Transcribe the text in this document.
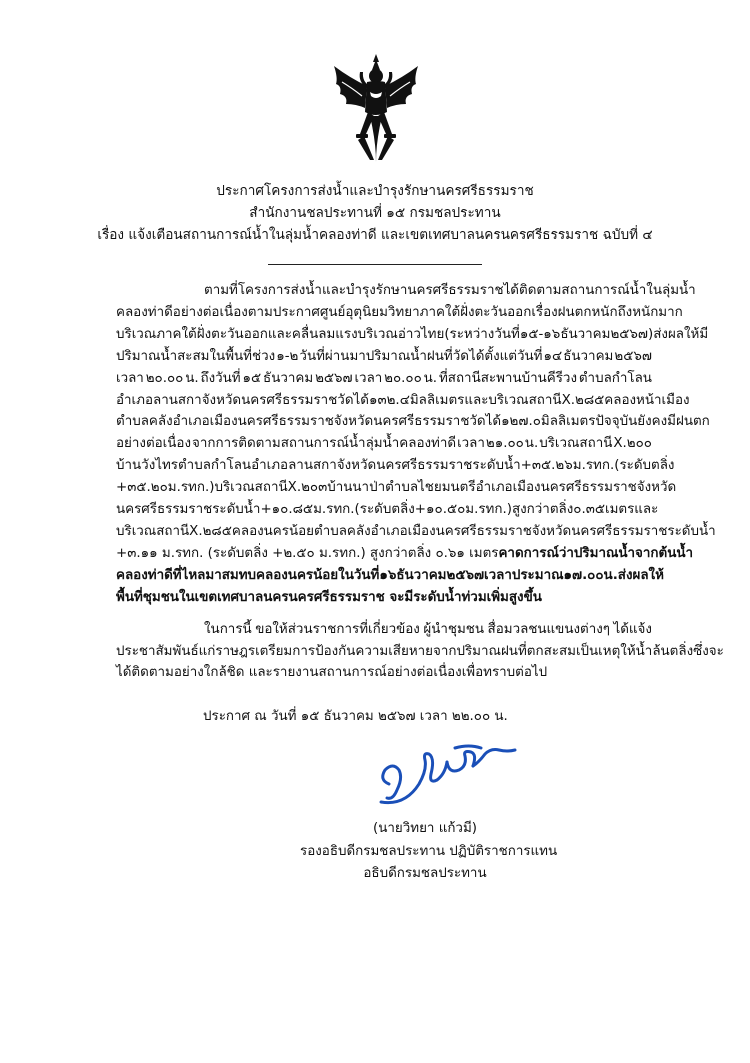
ประกาศโครงการส่งน้ำและบำรุงรักษานครศรีธรรมราช
สำนักงานชลประทานที่ ๑๕ กรมชลประทาน
เรื่อง แจ้งเตือนสถานการณ์น้ำในลุ่มน้ำคลองท่าดี และเขตเทศบาลนครนครศรีธรรมราช ฉบับที่ ๔
ตามที่โครงการส่งน้ำและบำรุงรักษานครศรีธรรมราช ได้ติดตามสถานการณ์น้ำในลุ่มน้ำ
คลองท่าดีอย่างต่อเนื่อง ตามประกาศศูนย์อุตุนิยมวิทยาภาคใต้ฝั่งตะวันออก เรื่อง ฝนตกหนักถึงหนักมาก
บริเวณภาคใต้ฝั่งตะวันออกและคลื่นลมแรงบริเวณอ่าวไทย (ระหว่างวันที่ ๑๕-๑๖ ธันวาคม ๒๕๖๗) ส่งผลให้มี
ปริมาณน้ำสะสมในพื้นที่ช่วง ๑-๒ วันที่ผ่านมาปริมาณน้ำฝนที่วัดได้ตั้งแต่วันที่ ๑๔ ธันวาคม ๒๕๖๗
เวลา ๒๐.๐๐ น. ถึงวันที่ ๑๕ ธันวาคม ๒๕๖๗ เวลา ๒๐.๐๐ น. ที่สถานีสะพานบ้านคีรีวง ตำบลกำโลน
อำเภอลานสกา จังหวัดนครศรีธรรมราช วัดได้ ๑๓๒.๔ มิลลิเมตร และบริเวณสถานี X.๒๘๕ คลองหน้าเมือง
ตำบลคลัง อำเภอเมืองนครศรีธรรมราช จังหวัดนครศรีธรรมราช วัดได้ ๑๒๗.๐ มิลลิเมตร ปัจจุบันยังคงมีฝนตก
อย่างต่อเนื่อง จากการติดตามสถานการณ์น้ำลุ่มน้ำคลองท่าดี เวลา ๒๑.๐๐ น. บริเวณสถานี X.๒๐๐
บ้านวังไทร ตำบลกำโลน อำเภอลานสกา จังหวัดนครศรีธรรมราช ระดับน้ำ +๓๕.๒๖ ม.รทก. (ระดับตลิ่ง
+๓๕.๒๐ ม.รทก.) บริเวณสถานี X.๒๐๓ บ้านนาป่า ตำบลไชยมนตรี อำเภอเมืองนครศรีธรรมราช จังหวัด
นครศรีธรรมราช ระดับน้ำ +๑๐.๘๕ ม.รทก. (ระดับตลิ่ง +๑๐.๕๐ ม.รทก.) สูงกว่าตลิ่ง ๐.๓๕ เมตร และ
บริเวณสถานี X.๒๘๕ คลองนครน้อย ตำบลคลัง อำเภอเมืองนครศรีธรรมราช จังหวัดนครศรีธรรมราช ระดับน้ำ
+๓.๑๑ ม.รทก. (ระดับตลิ่ง +๒.๕๐ ม.รทก.) สูงกว่าตลิ่ง ๐.๖๑ เมตร คาดการณ์ว่าปริมาณน้ำจากต้นน้ำ
คลองท่าดีที่ไหลมาสมทบคลองนครน้อย ในวันที่ ๑๖ ธันวาคม ๒๕๖๗ เวลาประมาณ ๑๗.๐๐ น. ส่งผลให้
พื้นที่ชุมชนในเขตเทศบาลนครนครศรีธรรมราช จะมีระดับน้ำท่วมเพิ่มสูงขึ้น
ในการนี้ ขอให้ส่วนราชการที่เกี่ยวข้อง ผู้นำชุมชน สื่อมวลชนแขนงต่างๆ ได้แจ้ง
ประชาสัมพันธ์แก่ราษฎร เตรียมการป้องกันความเสียหายจากปริมาณฝนที่ตกสะสมเป็นเหตุให้น้ำล้นตลิ่ง ซึ่งจะ
ได้ติดตามอย่างใกล้ชิด และรายงานสถานการณ์อย่างต่อเนื่องเพื่อทราบต่อไป
ประกาศ ณ วันที่ ๑๕ ธันวาคม ๒๕๖๗ เวลา ๒๒.๐๐ น.
(นายวิทยา แก้วมี)
รองอธิบดีกรมชลประทาน ปฏิบัติราชการแทน
อธิบดีกรมชลประทาน
